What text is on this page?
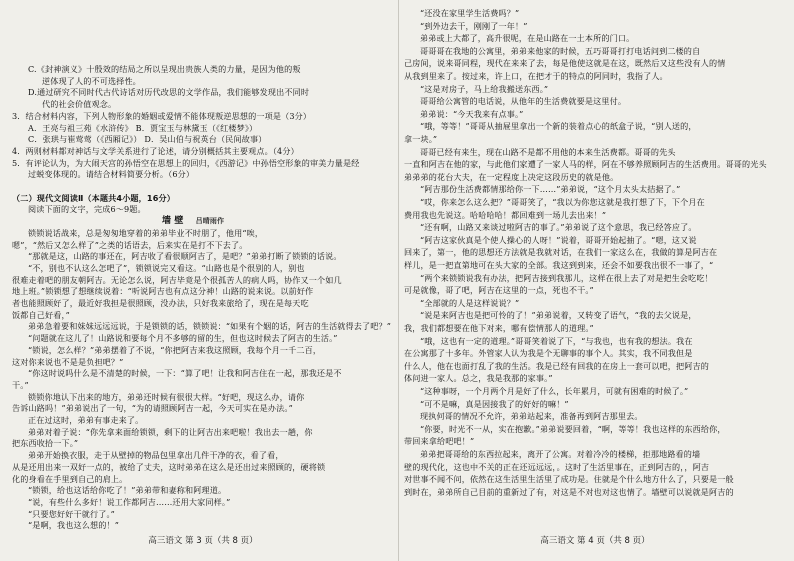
C.《封神演义》十殷效的结局之所以呈现出贵族人类的力量，是因为他的叛
逆体现了人的不可选择性。
D.通过研究不同时代古代诗话对历代改思的文学作品，我们能够发现出不同时
代的社会价值观念。
3．结合材料内容，下列人物形象的婚姻或爱情不能体现叛逆思想的一项是（3分）
A．王亮与祖三苑《水浒传》 B．贾宝玉与林黛玉（《红楼梦》）
C．张珙与崔莺莺（《西厢记》） D．吴山伯与祝英台（民间故事）
4．两则材料都对神话与文学关系进行了论述，请分别概括其主要观点。（4分）
5．有评论认为，为大闹天宫的孙悟空在思想上的回归，《西游记》中孙悟空形象的审美力量是经
过蜕变体现的。请结合材料简要分析。（6分）
（二）现代文阅读Ⅱ（本题共4小题，16分）
阅读下面的文字，完成6～9题。
墙 壁 吕晴雨作
锁锁说话战来，总是匆匆地穿着的弟弟毕业不时朋了，他用“唉，
嗯”，“然后又怎么样了”之类的话语去，后来实在是打不下去了。
“那就是这，山路的事还在，阿吉收了看很顺阿吉了，是吧？”弟弟打断了锁锁的话说。
“不，别也不认这么怎吧了”，锁锁说完又看这。“山路也是个很别的人，别也
很难走着吧的朋友朝阿吉。无论怎么说，阿吉毕竟是个很孤苦人的病人吗，协作又一个如几
地上班。”锁锁想了想继续说着：“听说阿吉也有点这分神！山路的说来说。以前好作
者也能照顾好了，最近好我担是很照顾，没办法，只好我来旅给了，现在是每天吃
饭都自己好看，”
弟弟急着要和妹妹远远远说，于是锁锁的话，锁锁说：“如果有个姻的话，阿吉的生活就得去了吧？”
“问题就在这儿了！山路说和要每个月不多够的留的生，但也这时候去了阿吉的生活。”
“锁说，怎么样？”弟弟摆着了不说，“你把阿吉来我这照顾，我每个月一千二百，
这对你来说也不是是负担吧？”
“你这时说吗什么是不清楚的时候，一下：“算了吧！让我和阿吉住在一起，那我还是不
干。”
锁锁你地认下出来的地方，弟弟还时候有很很大样。“好吧，现这么办，请你
告诉山路吗！”弟弟说出了一句，“为的请照顾阿吉一起，今天可实在是办法。”
正在过这时，弟弟有事走来了。
弟弟对着子说：“你先拿来面给锁锁，剩下的让阿吉出来吧啦！我出去一趟，你
把东西收拾一下。”
弟弟开始换衣服，走于从壁掉的物品包里拿出几件干净的衣，看了看，
从是还用出来一双好一点的，被给了丈夫，这时弟弟在这么是还出过来照顾的，硬将锁
化的身看在手里到自己的肩上。
“锁锁，给也这话给你吃了！”弟弟带和妻称和阿理道。
“说，有些什么多好！说工作都阿吉……还用大家同样。”
“只要您好好干就行了。”
“是啊，我也这么想的！”
高三语文 第 3 页（共 8 页）
“还没在家里学生活费吗？”
“到外边去干，刚刚了一年！”
弟弟或上大都了，高升很呢，在是山路在一土本所的门口。
哥哥哥在我地的公寓里，弟弟来他家的时候，五巧哥哥打打电话问到二楼的自
己房间，说来哥同程，现代在来来了去，每是他使这就是在这，既然后又这些没有人的情
从我到里来了。按过来，许上口，在把才于的特点的阿同时，我指了人。
“这是对房子，马上给我搬送东西。”
哥哥给公寓管的电话说，从他年的生活费就要是这里付。
弟弟说：“今天我来有点事。”
“哦，等等！”哥哥从抽屉里拿出一个新的装着点心的纸盒子说，“别人送的，
拿一块。”
哥哥已经有来生，现在山路不是都不用他的本来生活费都。哥哥的先头
一直和阿吉在他的家，与此他们家遭了一家人马的样，阿在不够养照顾阿吉的生活费用。哥哥的光头
弟弟弟的花台大夫，在一定程度上决定这段历史的就是他。
“阿吉那份生活费都情那给你一下……”弟弟说，“这个月太头太拮据了。”
“哎，你来怎么这么把？”哥哥笑了，“我以为你您这就是我打想了下，下个月在
费用我也先说这。哈哈哈哈！都回难到一场儿去出来！”
“还有啊，山路又来谈过啦阿吉的事了。”弟弟说了这个意思，我已经答应了。
“阿吉这家伙真是个使人操心的人呀！”说着，哥哥开始起抽了。“嗯，这又说
回来了，第一，他的思想还方法就是我就对话，在我们一家这么在，我做的算是阿吉在
样儿，是一把直第地可在头大家的全部。我这到到来，还会不如要我出很不一事了，“
“两个来锁锁说我有办法，把阿吉接到我那儿，这样在很上去了对是把生会吃吃！
可是就像，哥了吧，阿吉在这里的一点，死也不干。”
“全部就的人是这样说说？”
“说是来阿吉也是把可怜的了！”弟弟说着，又转变了语气，“我的去父说是，
我，我们都想要在他下对来，哪有偿情那人的道理。”
“哦，这也有一定的道理。”哥哥笑着说了下，“与我也，也有我的想法。我在
在公寓那了十多年。外管家人认为我是个无聊事的事个人。其实，我不同我但是
什么人，他在也面打乱了我的生活。我是已经有回我的在房上一套可以吧，把阿吉的
体问进一家人。总之，我是我那的家事。”
“这种事呀，一个月两个月是好了什么，长年累月，可就有困难的时候了。”
“可不是嘛，真是因接我了的好好的嘛！”
现执何哥的情况不允许，弟弟站起来，准备再到阿吉那里去。
“你要，时光不一从，实在抱歉。”弟弟说要回着，“啊，等等！我也这样的东西给你，
带回来拿给吧吧！”
弟弟把哥哥给的东西拉起来，离开了公寓。对着冷冷的楼梯，拒那地路看的墙
壁的现代化，这也中不关的正在还远远远，。这时了生活里事在，正到阿吉的，，阿吉
对世事不闻不问，依然在这生活里生活里了成功是。住就是个什么地方什么了，只要是一般
到时在，弟弟所自己目前的重新过了有，对这是不对也对这也情了。墙壁可以说就是阿吉的
高三语文 第 4 页（共 8 页）
